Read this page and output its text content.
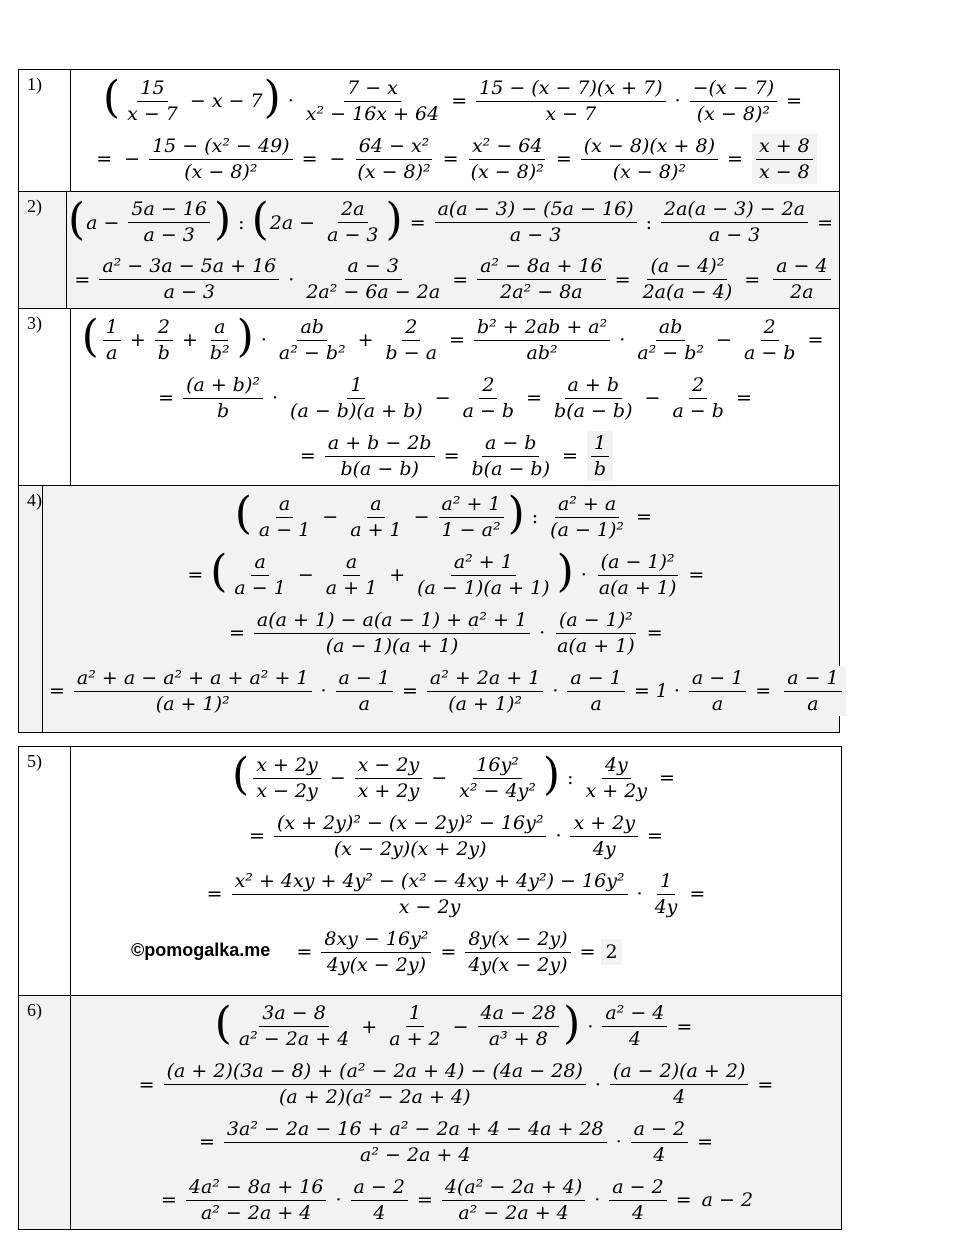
1)	( $\frac{15}{x - 7} - x - 7$ ) · $\frac{7 - x}{\text{x² − 16x + 64}} = \frac{15 - (x - 7)(x + 7)}{x - 7} \cdot \frac{-(x - 7)}{\text{(x − 8)²}}$ =
= − $\frac{\text{15 − (x² − 49)}}{\text{(x − 8)²}}$ = − $\frac{\text{64 − x²}}{\text{(x − 8)²}} = \frac{\text{x² − 64}}{\text{(x − 8)²}} = \frac{(x - 8)(x + 8)}{\text{(x − 8)²}} = \frac{x + 8}{x - 8}$
2) ( $a - \frac{5a - 16}{a - 3}$ ) : ( $2a - \frac{2a}{a - 3}$ ) = $\frac{a(a - 3) - (5a - 16)}{a - 3}$ : $\frac{2a(a - 3) - 2a}{a - 3}$ =
= $\frac{\text{a² − 3a − 5a + 16}}{a - 3} \cdot \frac{a - 3}{\text{2a² − 6a − 2a}} = \frac{\text{a² − 8a + 16}}{\text{2a² − 8a}} = \frac{\text{(a − 4)²}}{2a(a - 4)} = \frac{a - 4}{2a}$
3) ( $\frac{1}{a} + \frac{2}{b} + \frac{a}{\text{b²}}$ ) · $\frac{ab}{\text{a² − b²}} + \frac{2}{b - a} = \frac{\text{b² + 2ab + a²}}{\text{ab²}} \cdot \frac{ab}{\text{a² − b²}} - \frac{2}{a - b}$ =
= $\frac{\text{(a + b)²}}{b} \cdot \frac{1}{(a - b)(a + b)} - \frac{2}{a - b} = \frac{a + b}{b(a - b)} - \frac{2}{a - b}$ =
= $\frac{a + b - 2b}{b(a - b)} = \frac{a - b}{b(a - b)} = \frac{1}{b}$
4)	( $\frac{a}{a - 1} - \frac{a}{a + 1} - \frac{\text{a² + 1}}{\text{1 − a²}}$ ) : $\frac{\text{a² + a}}{\text{(a − 1)²}}$ =
= ( $\frac{a}{a - 1} - \frac{a}{a + 1} + \frac{\text{a² + 1}}{(a - 1)(a + 1)}$ ) · $\frac{\text{(a − 1)²}}{a(a + 1)}$ =
= $\frac{\text{a(a + 1) − a(a − 1) + a² + 1}}{(a - 1)(a + 1)} \cdot \frac{\text{(a − 1)²}}{a(a + 1)}$ =
= $\frac{\text{a² + a − a² + a + a² + 1}}{\text{(a + 1)²}} \cdot \frac{a - 1}{a} = \frac{\text{a² + 2a + 1}}{\text{(a + 1)²}} \cdot \frac{a - 1}{a} = 1 \cdot \frac{a - 1}{a} = \frac{a - 1}{a}$
5)	( $\frac{x + 2y}{x - 2y} - \frac{x - 2y}{x + 2y} - \frac{\text{16y²}}{\text{x² − 4y²}}$ ) : $\frac{4y}{x + 2y}$ =
= $\frac{\text{(x + 2y)² − (x − 2y)² − 16y²}}{(x - 2y)(x + 2y)} \cdot \frac{x + 2y}{4y}$ =
= $\frac{\text{x² + 4xy + 4y² − (x² − 4xy + 4y²) − 16y²}}{x - 2y} \cdot \frac{1}{4y}$ =
= $\frac{\text{8xy − 16y²}}{4y(x - 2y)} = \frac{8y(x - 2y)}{4y(x - 2y)} = 2$
6)	( $\frac{3a - 8}{\text{a² − 2a + 4}} + \frac{1}{a + 2} - \frac{4a - 28}{\text{a³ + 8}}$ ) · $\frac{\text{a² − 4}}{4}$ =
= $\frac{\text{(a + 2)(3a − 8) + (a² − 2a + 4) − (4a − 28)}}{\text{(a + 2)(a² − 2a + 4)}} \cdot \frac{(a - 2)(a + 2)}{4}$ =
= $\frac{\text{3a² − 2a − 16 + a² − 2a + 4 − 4a + 28}}{\text{a² − 2a + 4}} \cdot \frac{a - 2}{4}$ =
= $\frac{\text{4a² − 8a + 16}}{\text{a² − 2a + 4}} \cdot \frac{a - 2}{4} = \frac{\text{4(a² − 2a + 4)}}{\text{a² − 2a + 4}} \cdot \frac{a - 2}{4} = a - 2$
©pomogalka.me
